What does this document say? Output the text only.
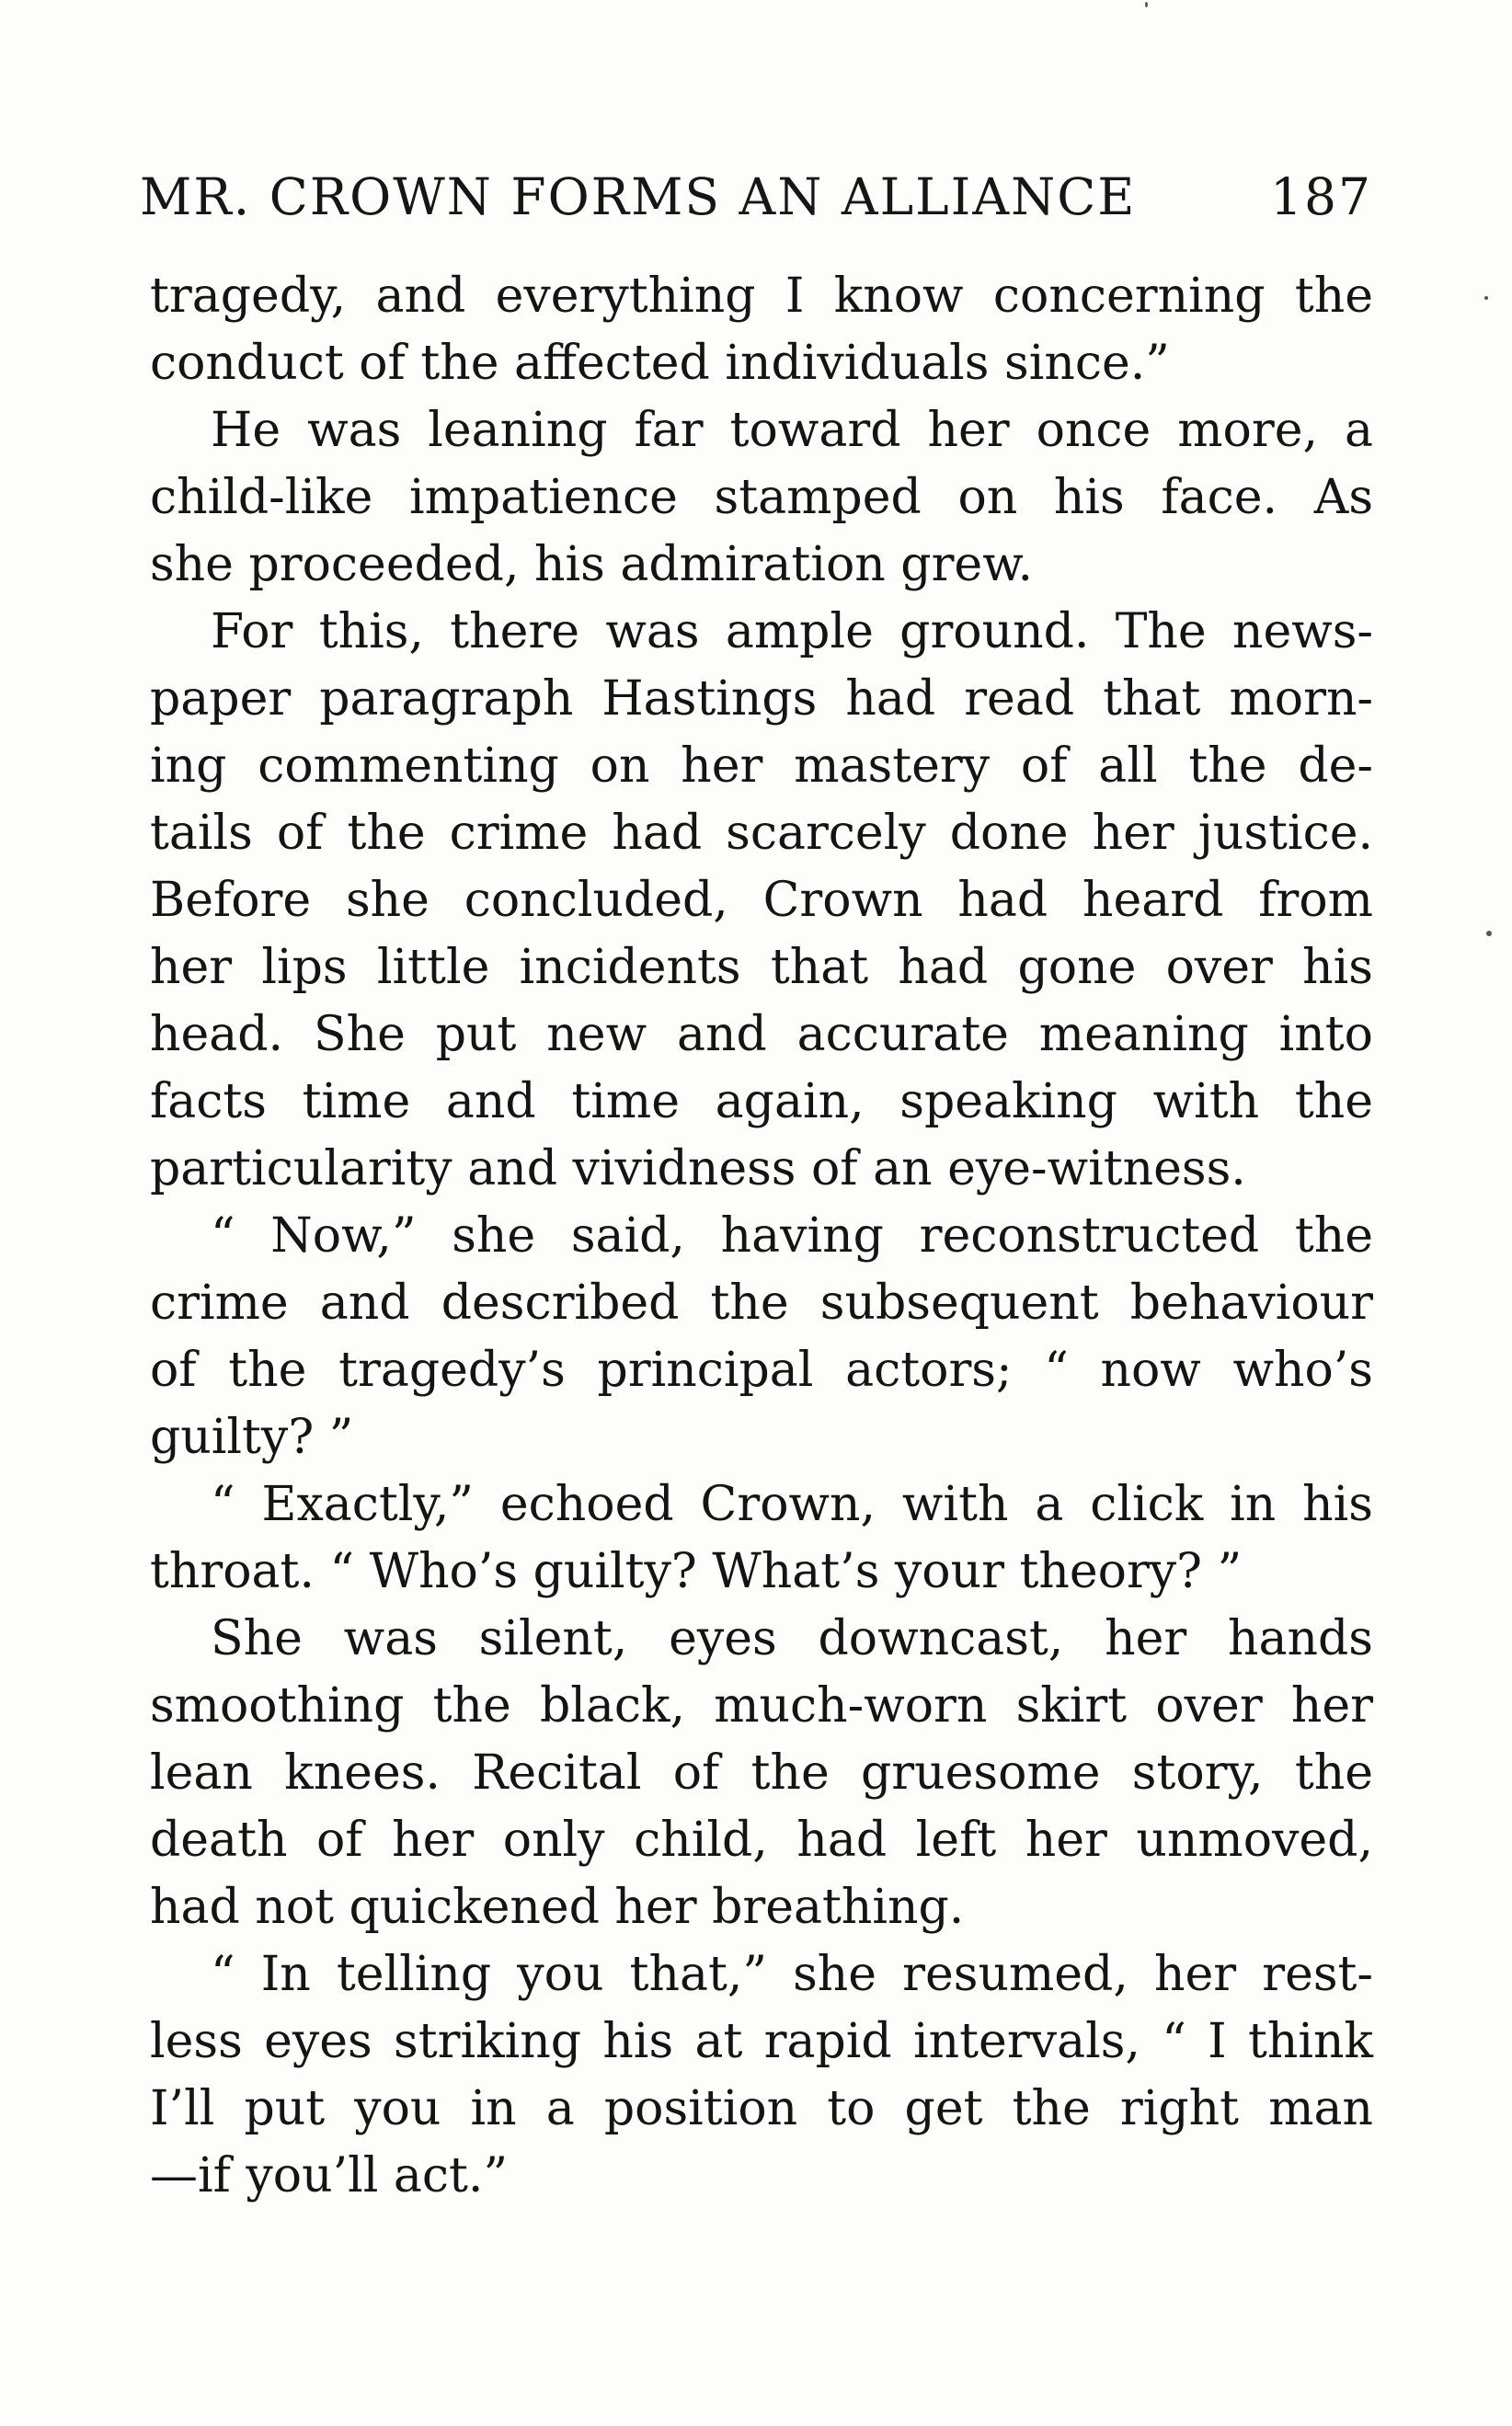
MR. CROWN FORMS AN ALLIANCE	187
tragedy, and everything I know concerning the
conduct of the affected individuals since.”
He was leaning far toward her once more, a
child-like impatience stamped on his face. As
she proceeded, his admiration grew.
For this, there was ample ground. The news-
paper paragraph Hastings had read that morn-
ing commenting on her mastery of all the de-
tails of the crime had scarcely done her justice.
Before she concluded, Crown had heard from
her lips little incidents that had gone over his
head. She put new and accurate meaning into
facts time and time again, speaking with the
particularity and vividness of an eye-witness.
“ Now,” she said, having reconstructed the
crime and described the subsequent behaviour
of the tragedy’s principal actors; “ now who’s
guilty? ”
“ Exactly,” echoed Crown, with a click in his
throat. “ Who’s guilty? What’s your theory? ”
She was silent, eyes downcast, her hands
smoothing the black, much-worn skirt over her
lean knees. Recital of the gruesome story, the
death of her only child, had left her unmoved,
had not quickened her breathing.
“ In telling you that,” she resumed, her rest-
less eyes striking his at rapid intervals, “ I think
I’ll put you in a position to get the right man
—if you’ll act.”
